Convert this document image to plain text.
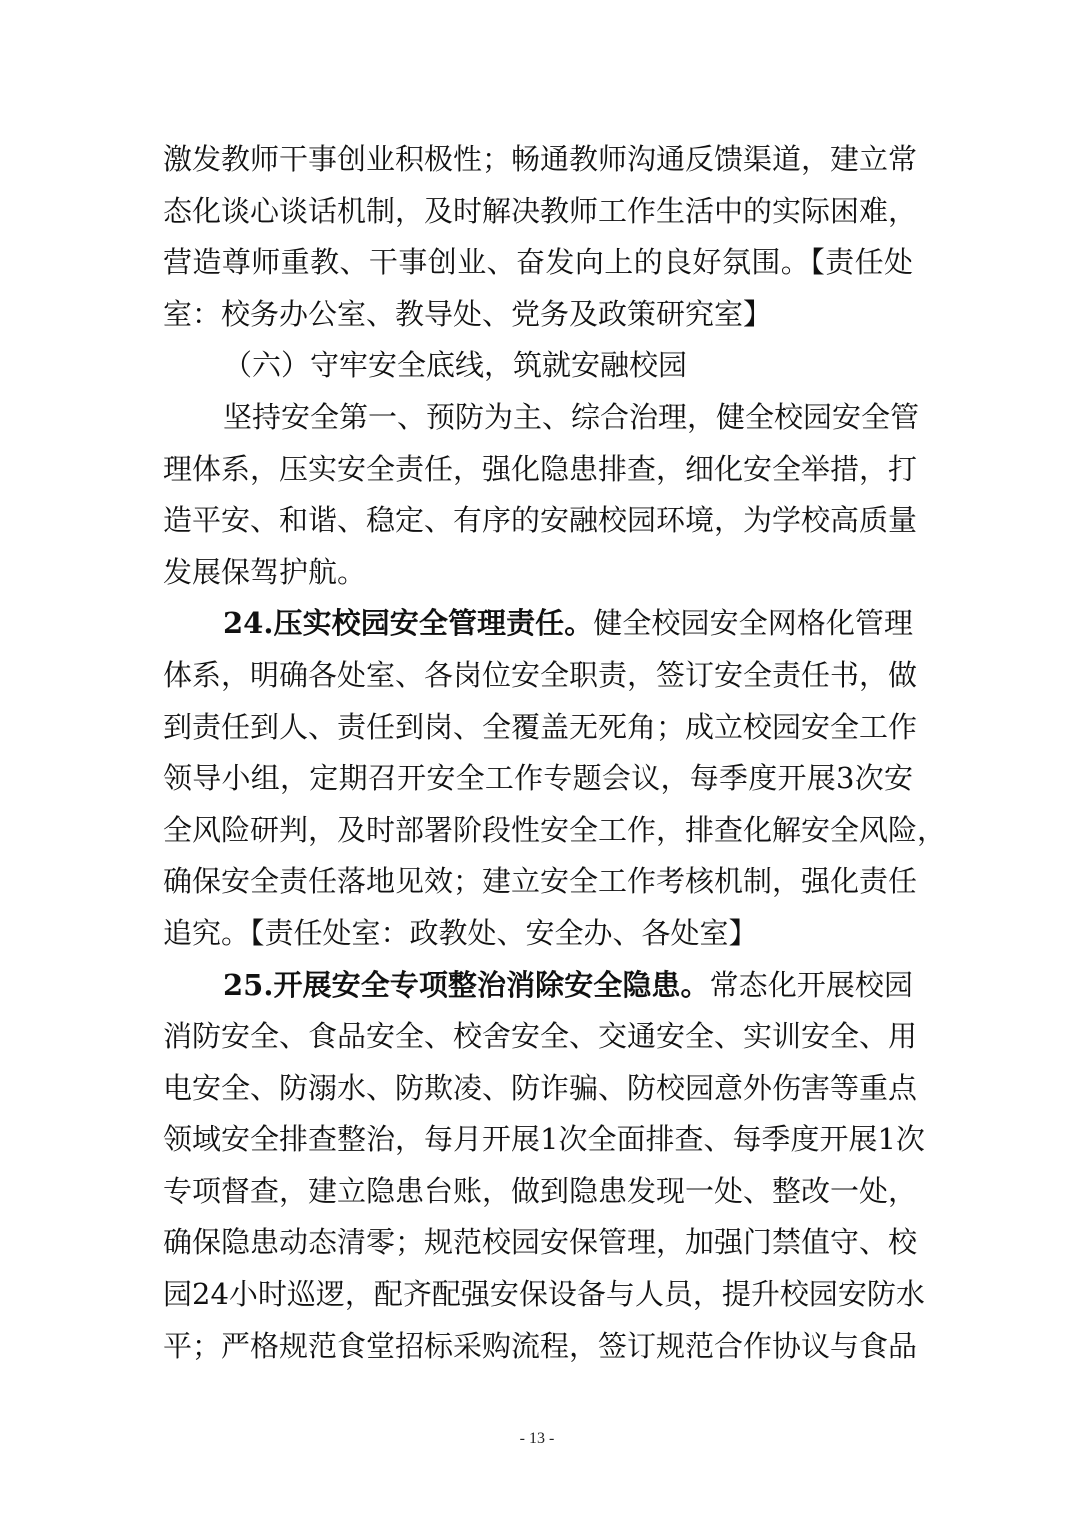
激发教师干事创业积极性；畅通教师沟通反馈渠道，建立常
态化谈心谈话机制，及时解决教师工作生活中的实际困难，
营造尊师重教、干事创业、奋发向上的良好氛围。【责任处
室：校务办公室、教导处、党务及政策研究室】
（六）守牢安全底线，筑就安融校园
坚持安全第一、预防为主、综合治理，健全校园安全管
理体系，压实安全责任，强化隐患排查，细化安全举措，打
造平安、和谐、稳定、有序的安融校园环境，为学校高质量
发展保驾护航。
24.压实校园安全管理责任。健全校园安全网格化管理
体系，明确各处室、各岗位安全职责，签订安全责任书，做
到责任到人、责任到岗、全覆盖无死角；成立校园安全工作
领导小组，定期召开安全工作专题会议，每季度开展3次安
全风险研判，及时部署阶段性安全工作，排查化解安全风险，
确保安全责任落地见效；建立安全工作考核机制，强化责任
追究。【责任处室：政教处、安全办、各处室】
25.开展安全专项整治消除安全隐患。常态化开展校园
消防安全、食品安全、校舍安全、交通安全、实训安全、用
电安全、防溺水、防欺凌、防诈骗、防校园意外伤害等重点
领域安全排查整治，每月开展1次全面排查、每季度开展1次
专项督查，建立隐患台账，做到隐患发现一处、整改一处，
确保隐患动态清零；规范校园安保管理，加强门禁值守、校
园24小时巡逻，配齐配强安保设备与人员，提升校园安防水
平；严格规范食堂招标采购流程，签订规范合作协议与食品
- 13 -
